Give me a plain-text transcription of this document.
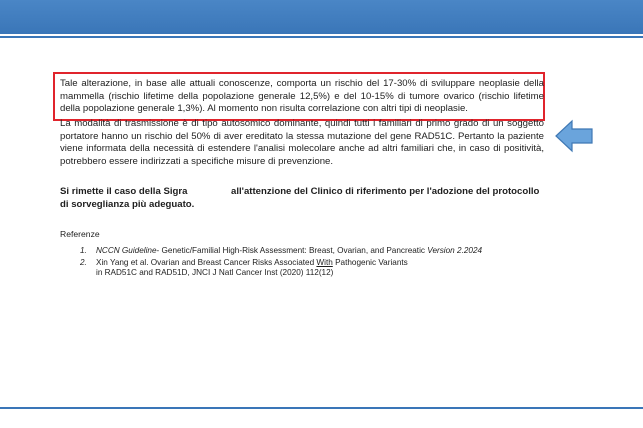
Tale alterazione, in base alle attuali conoscenze, comporta un rischio del 17-30% di sviluppare neoplasie della mammella (rischio lifetime della popolazione generale 12,5%) e del 10-15% di tumore ovarico (rischio lifetime della popolazione generale 1,3%). Al momento non risulta correlazione con altri tipi di neoplasie.

La modalità di trasmissione è di tipo autosomico dominante, quindi tutti i familiari di primo grado di un soggetto portatore hanno un rischio del 50% di aver ereditato la stessa mutazione del gene RAD51C. Pertanto la paziente viene informata della necessità di estendere l'analisi molecolare anche ad altri familiari che, in caso di positività, potrebbero essere indirizzati a specifiche misure di prevenzione.

Si rimette il caso della Sigra	all'attenzione del Clinico di riferimento per l'adozione del protocollo

di sorveglianza più adeguato.
Referenze
1. NCCN Guideline- Genetic/Familial High-Risk Assessment: Breast, Ovarian, and Pancreatic Version 2.2024
2. Xin Yang et al. Ovarian and Breast Cancer Risks Associated With Pathogenic Variants
in RAD51C and RAD51D, JNCI J Natl Cancer Inst (2020) 112(12)
